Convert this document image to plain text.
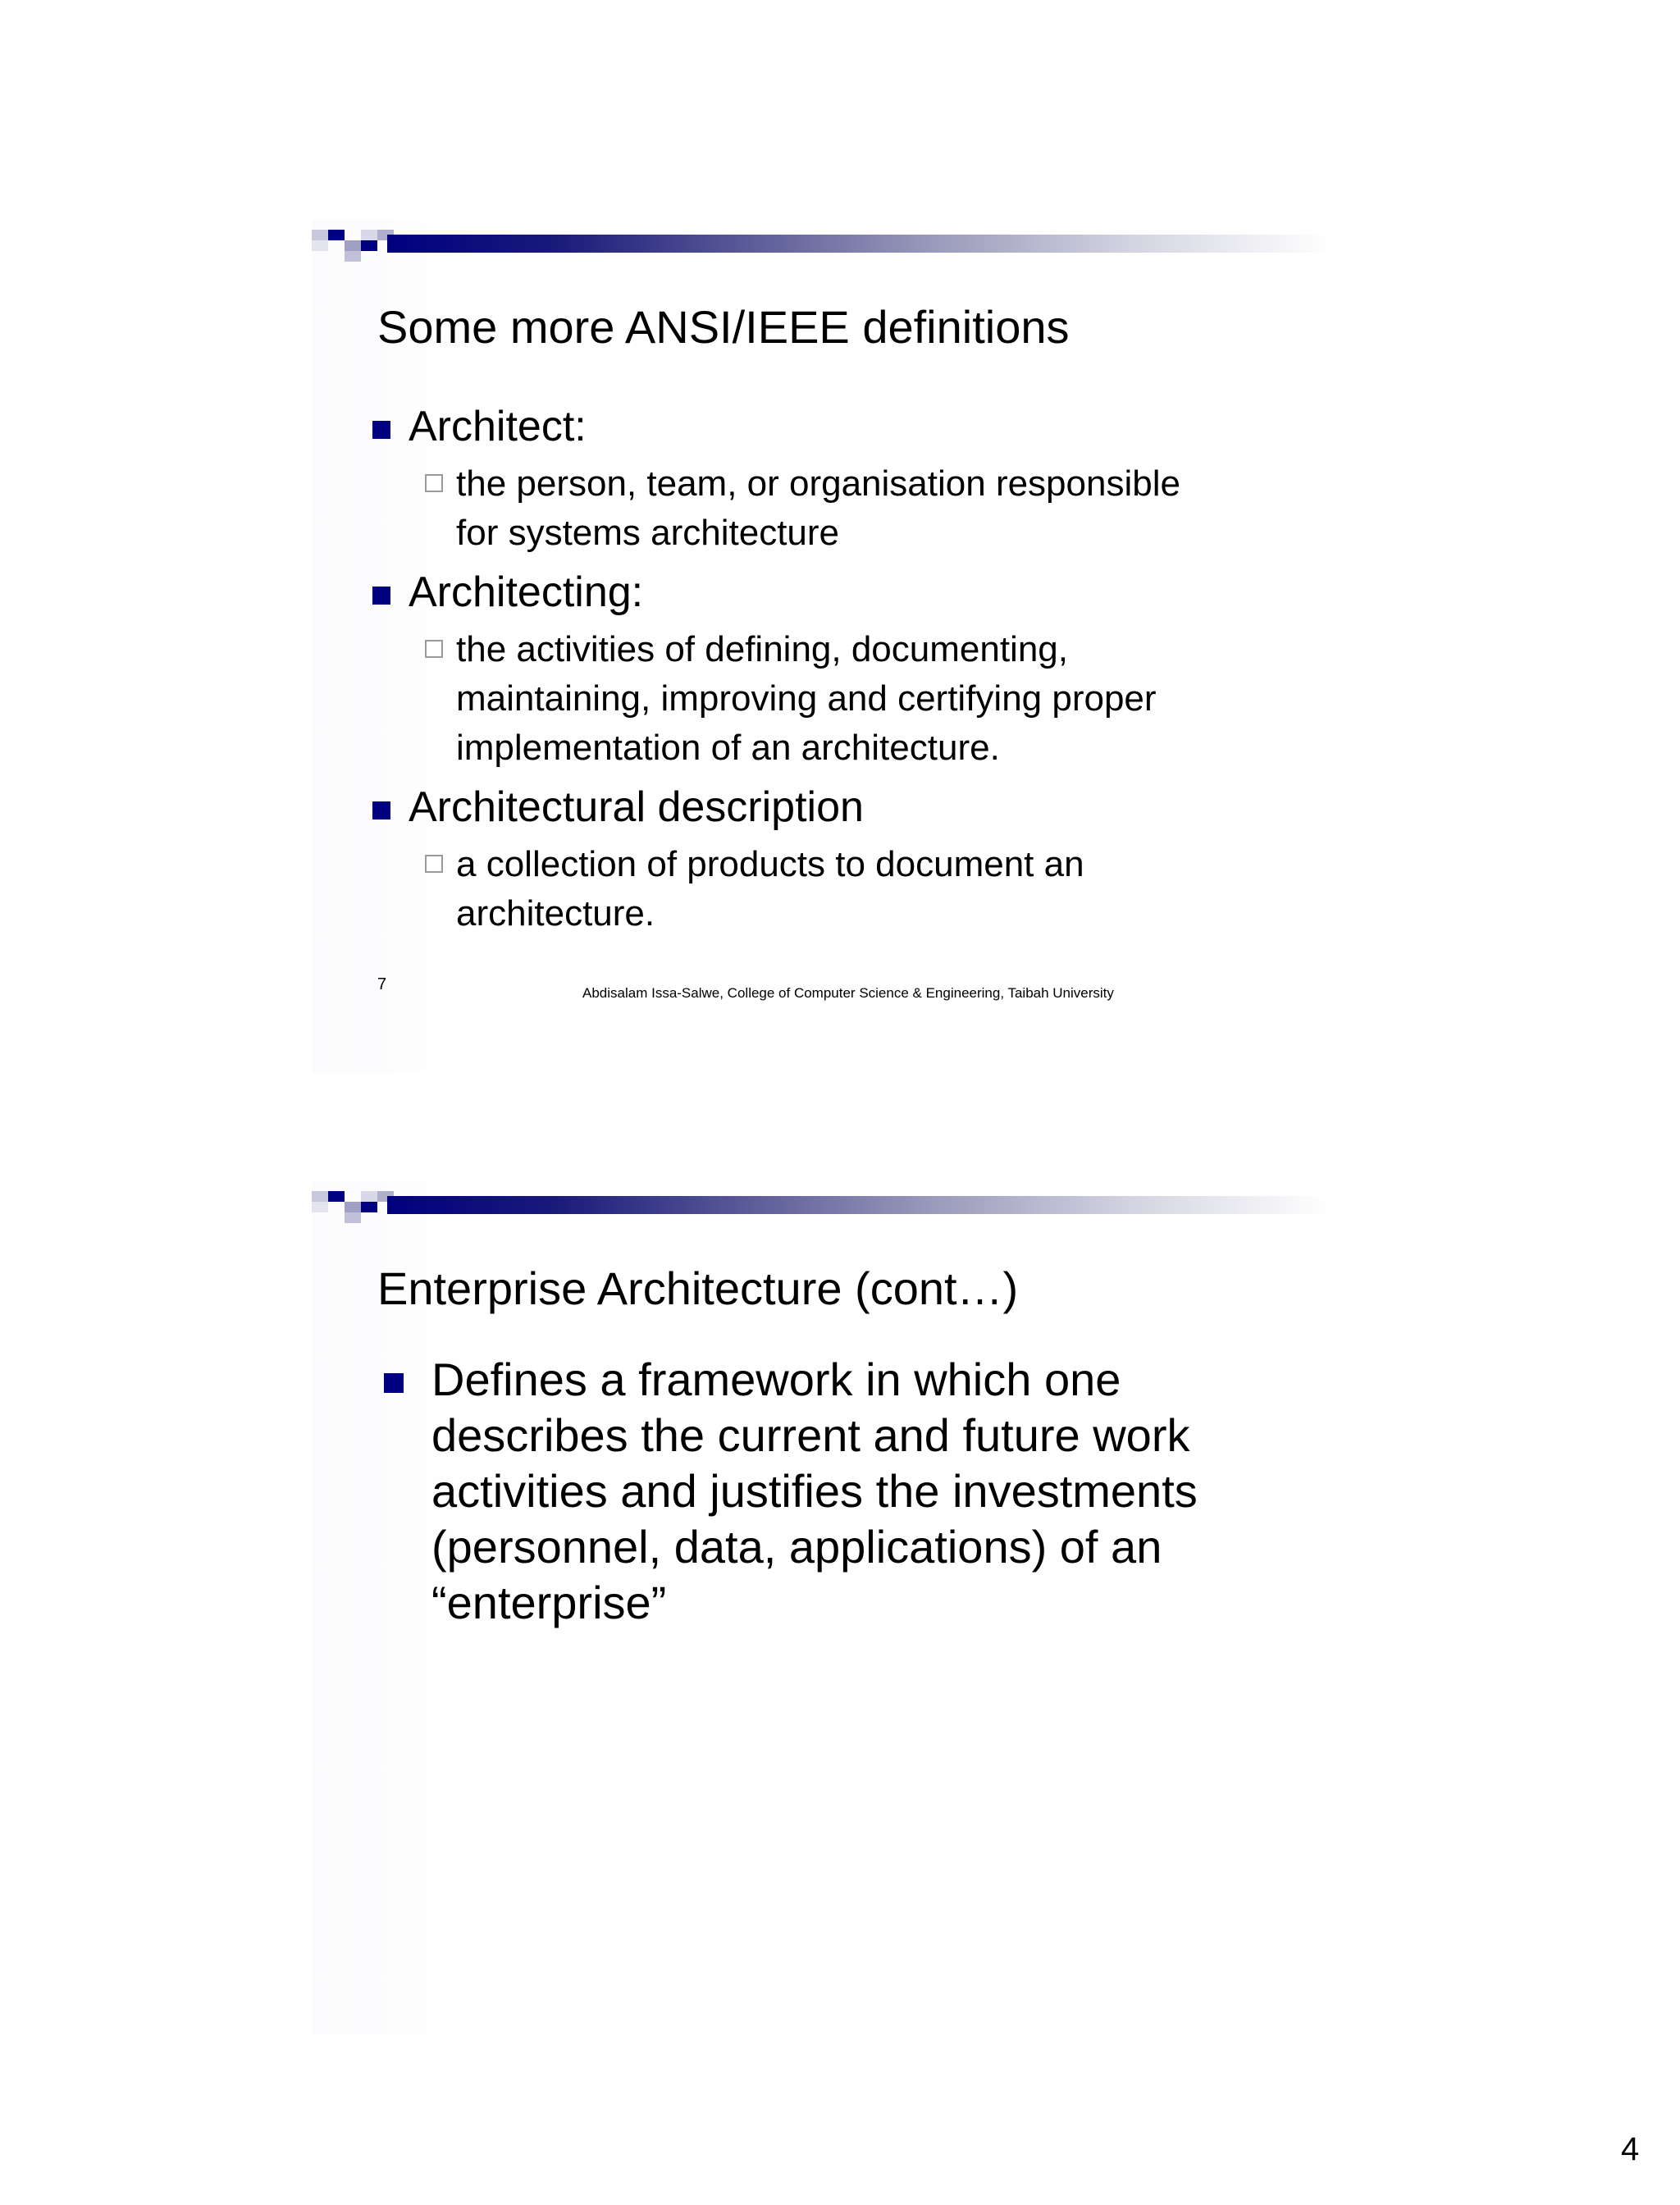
Some more ANSI/IEEE definitions
Architect:
the person, team, or organisation responsible
for systems architecture
Architecting:
the activities of defining, documenting,
maintaining, improving and certifying proper
implementation of an architecture.
Architectural description
a collection of products to document an
architecture.
7	Abdisalam Issa-Salwe, College of Computer Science & Engineering, Taibah University
Enterprise Architecture (cont…)
Defines a framework in which one
describes the current and future work
activities and justifies the investments
(personnel, data, applications) of an
“enterprise”
4
